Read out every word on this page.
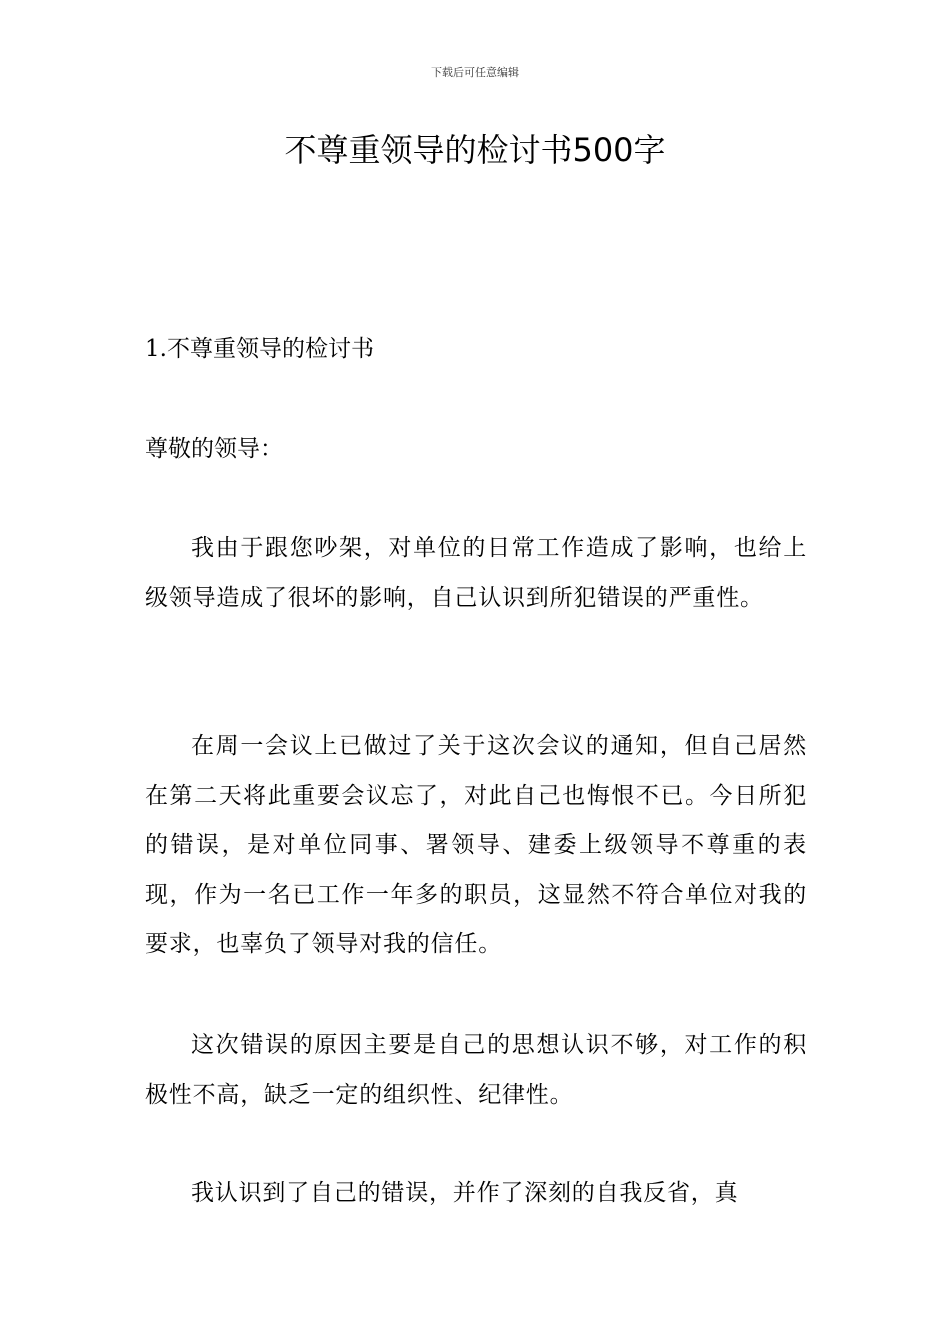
下载后可任意编辑
不尊重领导的检讨书500字
1.不尊重领导的检讨书
尊敬的领导：

我由于跟您吵架，对单位的日常工作造成了影响，也给上级领导造成了很坏的影响，自己认识到所犯错误的严重性。

在周一会议上已做过了关于这次会议的通知，但自己居然在第二天将此重要会议忘了，对此自己也悔恨不已。今日所犯的错误，是对单位同事、署领导、建委上级领导不尊重的表现，作为一名已工作一年多的职员，这显然不符合单位对我的要求，也辜负了领导对我的信任。

这次错误的原因主要是自己的思想认识不够，对工作的积极性不高，缺乏一定的组织性、纪律性。

我认识到了自己的错误，并作了深刻的自我反省，真
